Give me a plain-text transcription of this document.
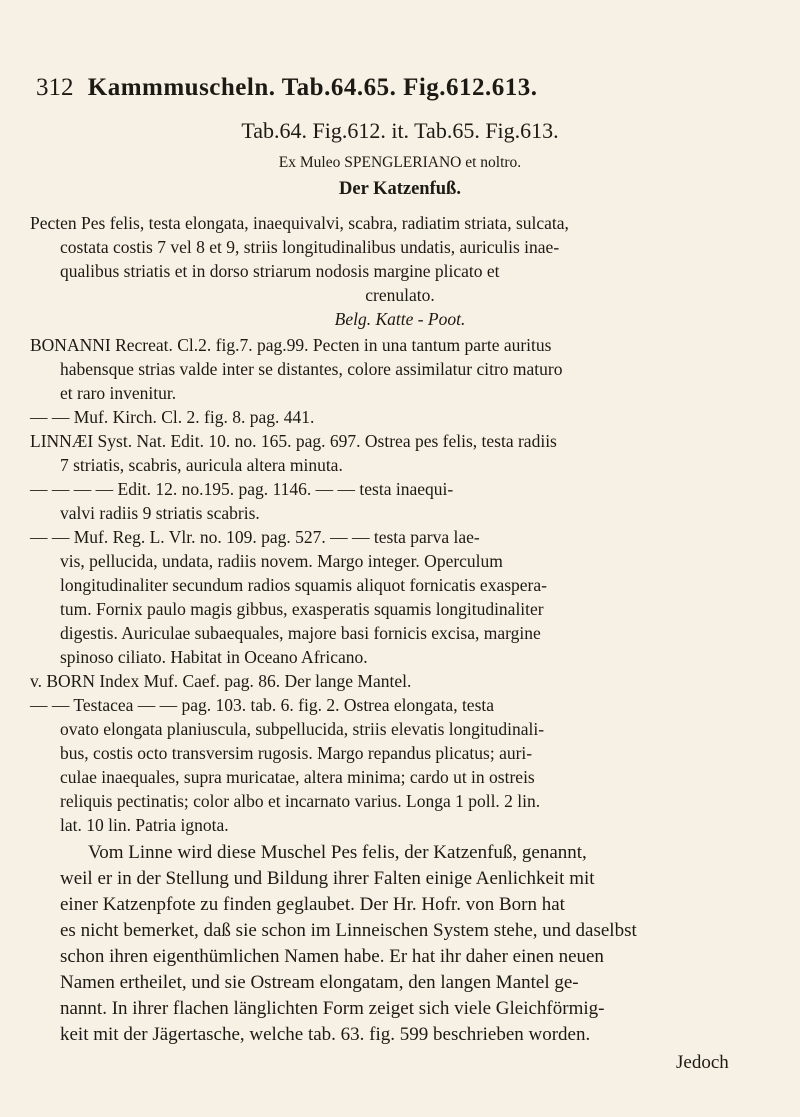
312 Kammmuscheln. Tab.64.65. Fig.612.613.
Tab.64. Fig.612. it. Tab.65. Fig.613.
Ex Muleo SPENGLERIANO et noltro.
Der Katzenfuß.
Pecten Pes felis, testa elongata, inaequivalvi, scabra, radiatim striata, sulcata,
costata costis 7 vel 8 et 9, striis longitudinalibus undatis, auriculis inae-
qualibus striatis et in dorso striarum nodosis margine plicato et
crenulato.
Belg. Katte - Poot.
BONANNI Recreat. Cl.2. fig.7. pag.99. Pecten in una tantum parte auritus
habensque strias valde inter se distantes, colore assimilatur citro maturo
et raro invenitur.
— — Muf. Kirch. Cl. 2. fig. 8. pag. 441.
LINNÆI Syst. Nat. Edit. 10. no. 165. pag. 697. Ostrea pes felis, testa radiis
7 striatis, scabris, auricula altera minuta.
— — — — Edit. 12. no.195. pag. 1146. — — testa inaequi-
valvi radiis 9 striatis scabris.
— — Muf. Reg. L. Vlr. no. 109. pag. 527. — — testa parva lae-
vis, pellucida, undata, radiis novem. Margo integer. Operculum
longitudinaliter secundum radios squamis aliquot fornicatis exaspera-
tum. Fornix paulo magis gibbus, exasperatis squamis longitudinaliter
digestis. Auriculae subaequales, majore basi fornicis excisa, margine
spinoso ciliato. Habitat in Oceano Africano.
v. BORN Index Muf. Caef. pag. 86. Der lange Mantel.
— — Testacea — — pag. 103. tab. 6. fig. 2. Ostrea elongata, testa
ovato elongata planiuscula, subpellucida, striis elevatis longitudinali-
bus, costis octo transversim rugosis. Margo repandus plicatus; auri-
culae inaequales, supra muricatae, altera minima; cardo ut in ostreis
reliquis pectinatis; color albo et incarnato varius. Longa 1 poll. 2 lin.
lat. 10 lin. Patria ignota.
Vom Linne wird diese Muschel Pes felis, der Katzenfuß, genannt,
weil er in der Stellung und Bildung ihrer Falten einige Aenlichkeit mit
einer Katzenpfote zu finden geglaubet. Der Hr. Hofr. von Born hat
es nicht bemerket, daß sie schon im Linneischen System stehe, und daselbst
schon ihren eigenthümlichen Namen habe. Er hat ihr daher einen neuen
Namen ertheilet, und sie Ostream elongatam, den langen Mantel ge-
nannt. In ihrer flachen länglichten Form zeiget sich viele Gleichförmig-
keit mit der Jägertasche, welche tab. 63. fig. 599 beschrieben worden.
Jedoch
